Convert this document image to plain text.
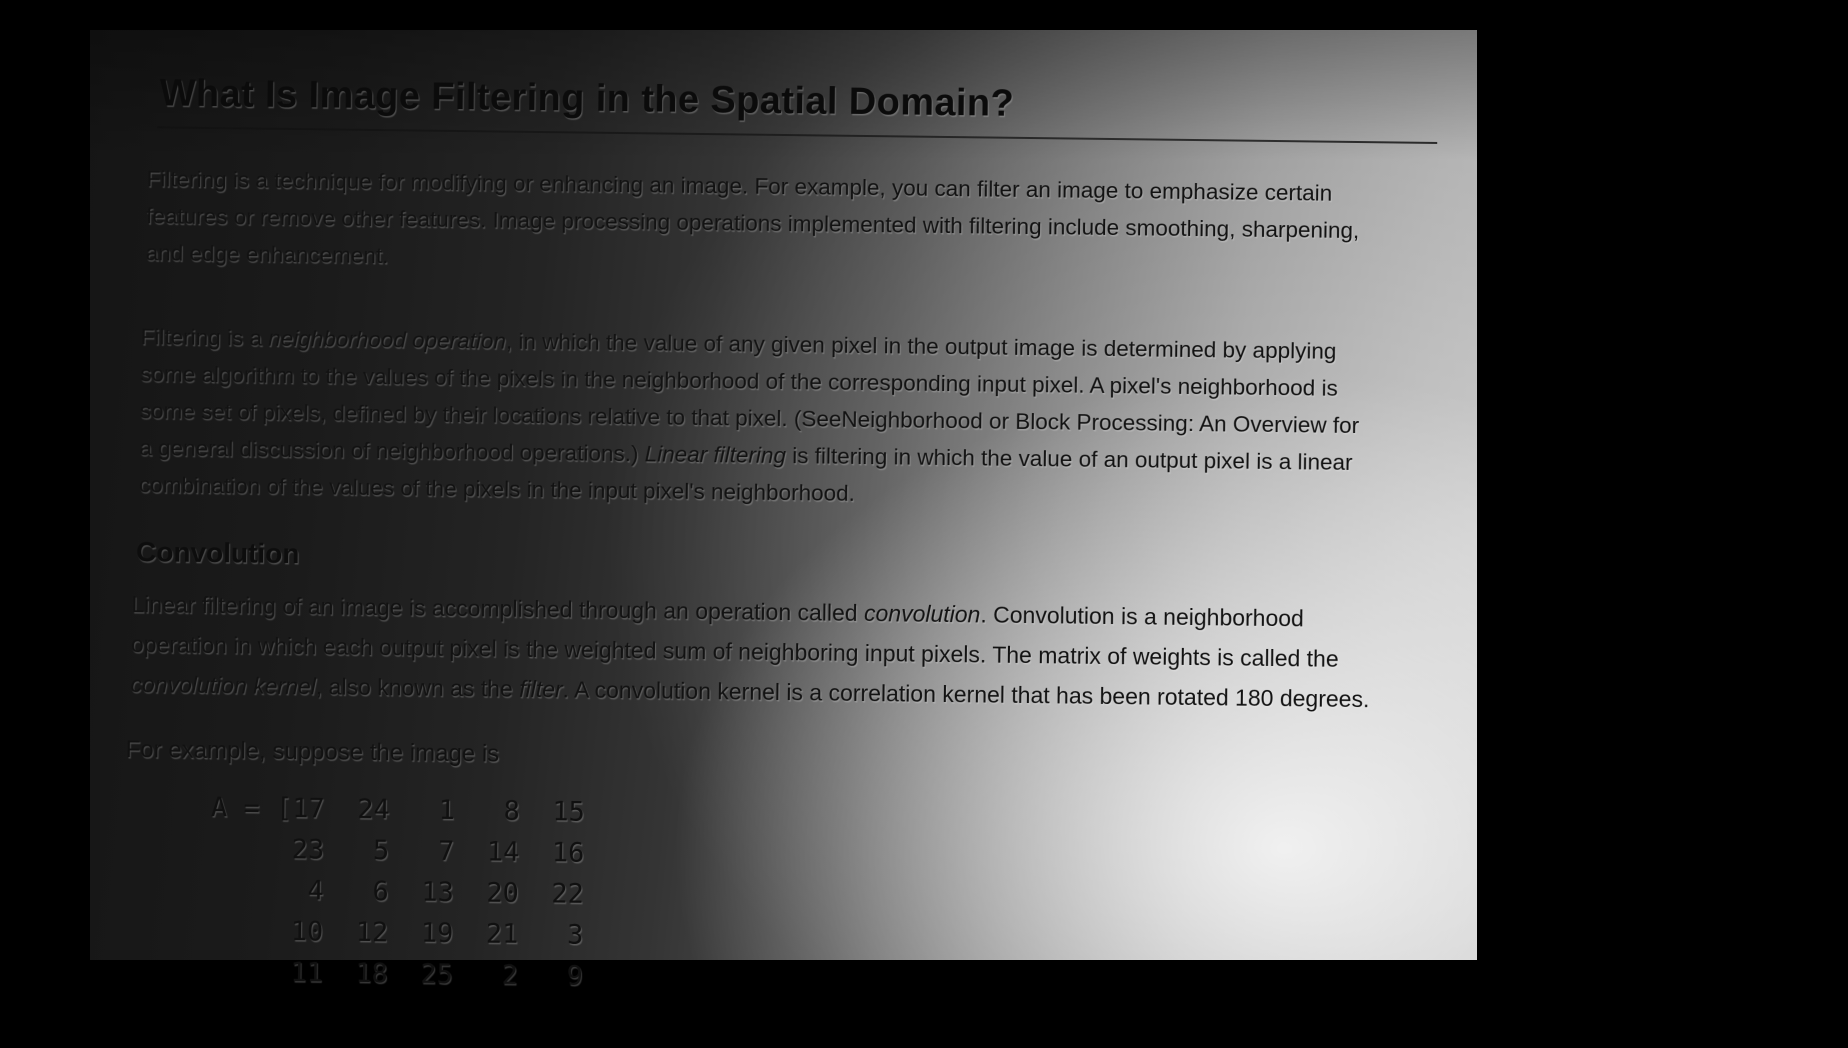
What Is Image Filtering in the Spatial Domain?
Filtering is a technique for modifying or enhancing an image. For example, you can filter an image to emphasize certain
features or remove other features. Image processing operations implemented with filtering include smoothing, sharpening,
and edge enhancement.
Filtering is a neighborhood operation, in which the value of any given pixel in the output image is determined by applying
some algorithm to the values of the pixels in the neighborhood of the corresponding input pixel. A pixel's neighborhood is
some set of pixels, defined by their locations relative to that pixel. (SeeNeighborhood or Block Processing: An Overview for
a general discussion of neighborhood operations.) Linear filtering is filtering in which the value of an output pixel is a linear
combination of the values of the pixels in the input pixel's neighborhood.
Convolution
Linear filtering of an image is accomplished through an operation called convolution. Convolution is a neighborhood
operation in which each output pixel is the weighted sum of neighboring input pixels. The matrix of weights is called the
convolution kernel, also known as the filter. A convolution kernel is a correlation kernel that has been rotated 180 degrees.
For example, suppose the image is
A = [17  24   1   8  15
23   5   7  14  16
4   6  13  20  22
10  12  19  21   3
11  18  25   2   9
